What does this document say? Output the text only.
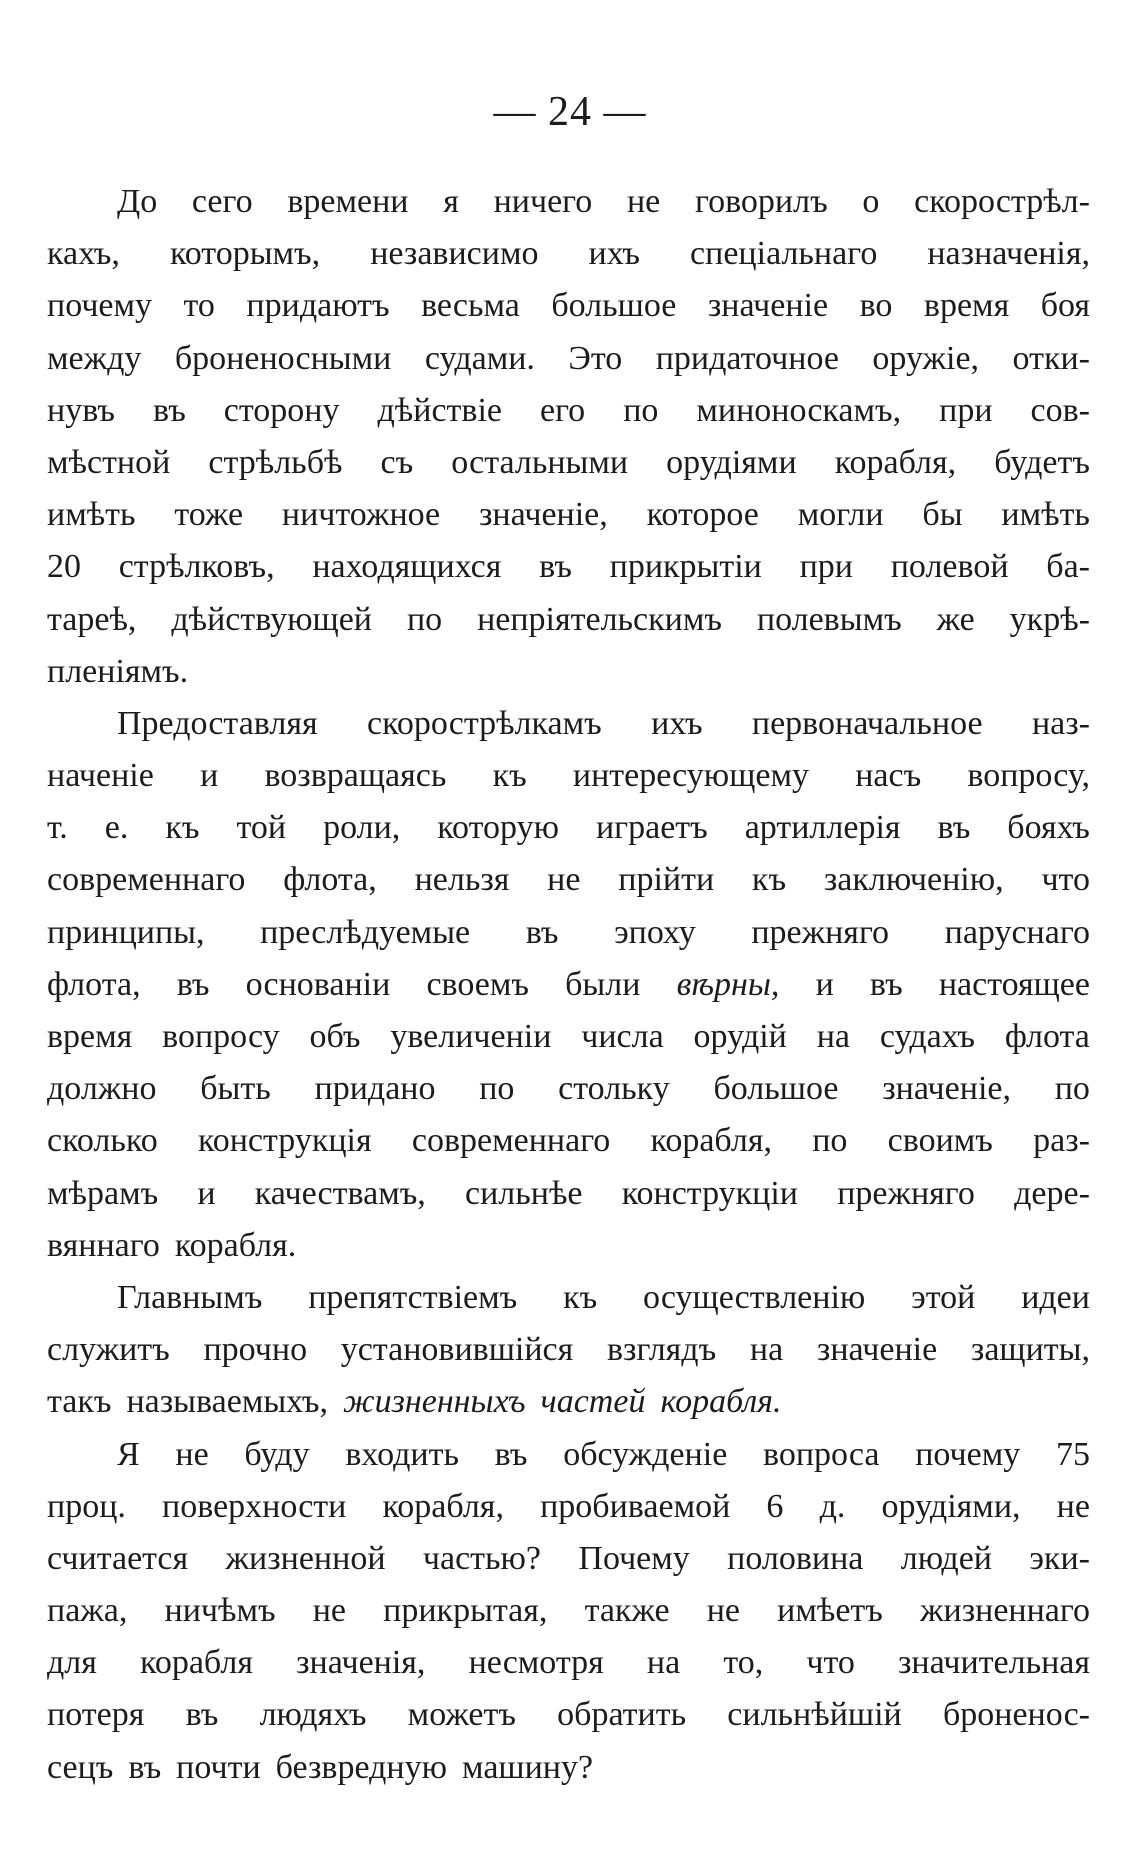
— 24 —
До сего времени я ничего не говорилъ о скорострѣл-
кахъ, которымъ, независимо ихъ спеціальнаго назначенія,
почему то придаютъ весьма большое значеніе во время боя
между броненосными судами. Это придаточное оружіе, отки-
нувъ въ сторону дѣйствіе его по миноноскамъ, при сов-
мѣстной стрѣльбѣ съ остальными орудіями корабля, будетъ
имѣть тоже ничтожное значеніе, которое могли бы имѣть
20 стрѣлковъ, находящихся въ прикрытіи при полевой ба-
тареѣ, дѣйствующей по непріятельскимъ полевымъ же укрѣ-
пленіямъ.
Предоставляя скорострѣлкамъ ихъ первоначальное наз-
наченіе и возвращаясь къ интересующему насъ вопросу,
т. е. къ той роли, которую играетъ артиллерія въ бояхъ
современнаго флота, нельзя не прійти къ заключенію, что
принципы, преслѣдуемые въ эпоху прежняго паруснаго
флота, въ основаніи своемъ были вѣрны, и въ настоящее
время вопросу объ увеличеніи числа орудій на судахъ флота
должно быть придано по стольку большое значеніе, по
сколько конструкція современнаго корабля, по своимъ раз-
мѣрамъ и качествамъ, сильнѣе конструкціи прежняго дере-
вяннаго корабля.
Главнымъ препятствіемъ къ осуществленію этой идеи
служитъ прочно установившійся взглядъ на значеніе защиты,
такъ называемыхъ, жизненныхъ частей корабля.
Я не буду входить въ обсужденіе вопроса почему 75
проц. поверхности корабля, пробиваемой 6 д. орудіями, не
считается жизненной частью? Почему половина людей эки-
пажа, ничѣмъ не прикрытая, также не имѣетъ жизненнаго
для корабля значенія, несмотря на то, что значительная
потеря въ людяхъ можетъ обратить сильнѣйшій броненос-
сецъ въ почти безвредную машину?
